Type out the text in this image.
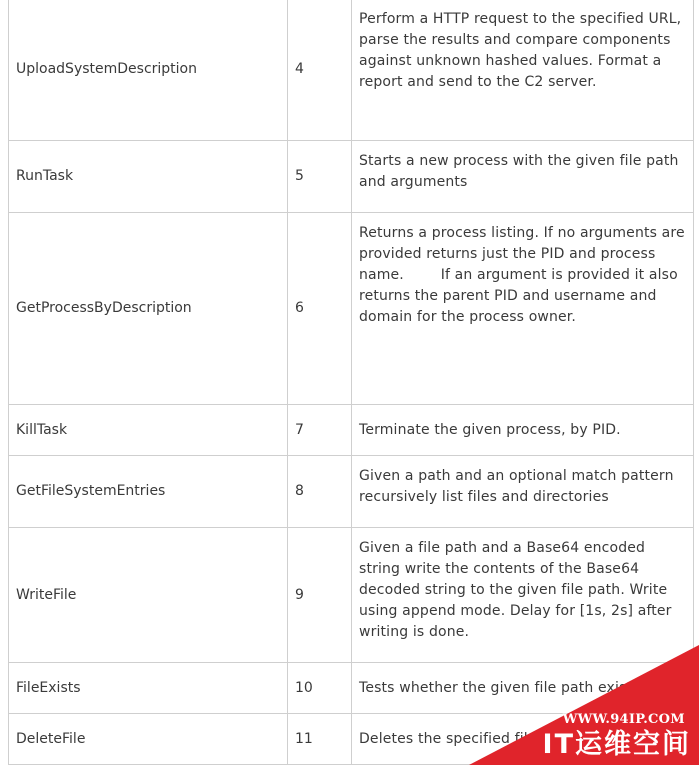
UploadSystemDescription	4	Perform a HTTP request to the specified URL, parse the results and compare components against unknown hashed values. Format a report and send to the C2 server.
RunTask	5	Starts a new process with the given file path and arguments
GetProcessByDescription	6	Returns a process listing. If no arguments are provided returns just the PID and process name.        If an argument is provided it also returns the parent PID and username and domain for the process owner.
KillTask	7	Terminate the given process, by PID.
GetFileSystemEntries	8	Given a path and an optional match pattern recursively list files and directories
WriteFile	9	Given a file path and a Base64 encoded string write the contents of the Base64 decoded string to the given file path. Write using append mode. Delay for [1s, 2s] after writing is done.
FileExists	10	Tests whether the given file path exists
DeleteFile	11	Deletes the specified file
WWW.94IP.COM
IT运维空间
